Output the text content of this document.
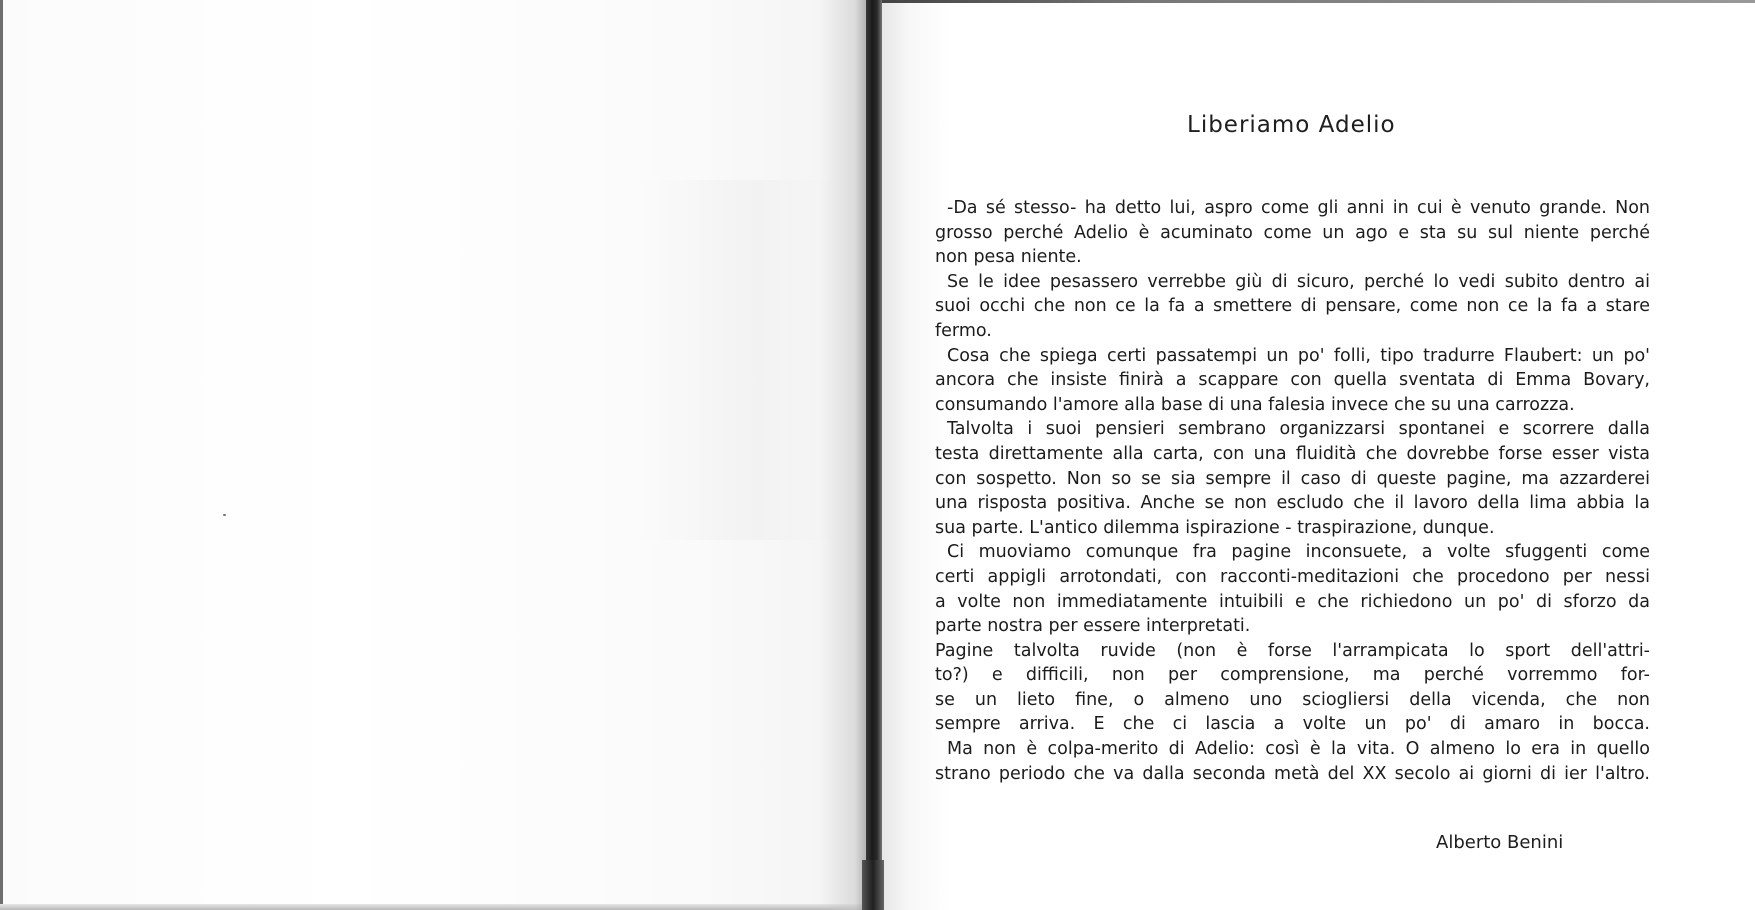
Liberiamo Adelio
-Da sé stesso- ha detto lui, aspro come gli anni in cui è venuto grande. Non
grosso perché Adelio è acuminato come un ago e sta su sul niente perché
non pesa niente.
Se le idee pesassero verrebbe giù di sicuro, perché lo vedi subito dentro ai
suoi occhi che non ce la fa a smettere di pensare, come non ce la fa a stare
fermo.
Cosa che spiega certi passatempi un po' folli, tipo tradurre Flaubert: un po'
ancora che insiste finirà a scappare con quella sventata di Emma Bovary,
consumando l'amore alla base di una falesia invece che su una carrozza.
Talvolta i suoi pensieri sembrano organizzarsi spontanei e scorrere dalla
testa direttamente alla carta, con una fluidità che dovrebbe forse esser vista
con sospetto. Non so se sia sempre il caso di queste pagine, ma azzarderei
una risposta positiva. Anche se non escludo che il lavoro della lima abbia la
sua parte. L'antico dilemma ispirazione - traspirazione, dunque.
Ci muoviamo comunque fra pagine inconsuete, a volte sfuggenti come
certi appigli arrotondati, con racconti-meditazioni che procedono per nessi
a volte non immediatamente intuibili e che richiedono un po' di sforzo da
parte nostra per essere interpretati.
Pagine talvolta ruvide (non è forse l'arrampicata lo sport dell'attri-
to?) e difficili, non per comprensione, ma perché vorremmo for-
se un lieto fine, o almeno uno sciogliersi della vicenda, che non
sempre arriva. E che ci lascia a volte un po' di amaro in bocca.
Ma non è colpa-merito di Adelio: così è la vita. O almeno lo era in quello
strano periodo che va dalla seconda metà del XX secolo ai giorni di ier l'altro.

Alberto Benini
